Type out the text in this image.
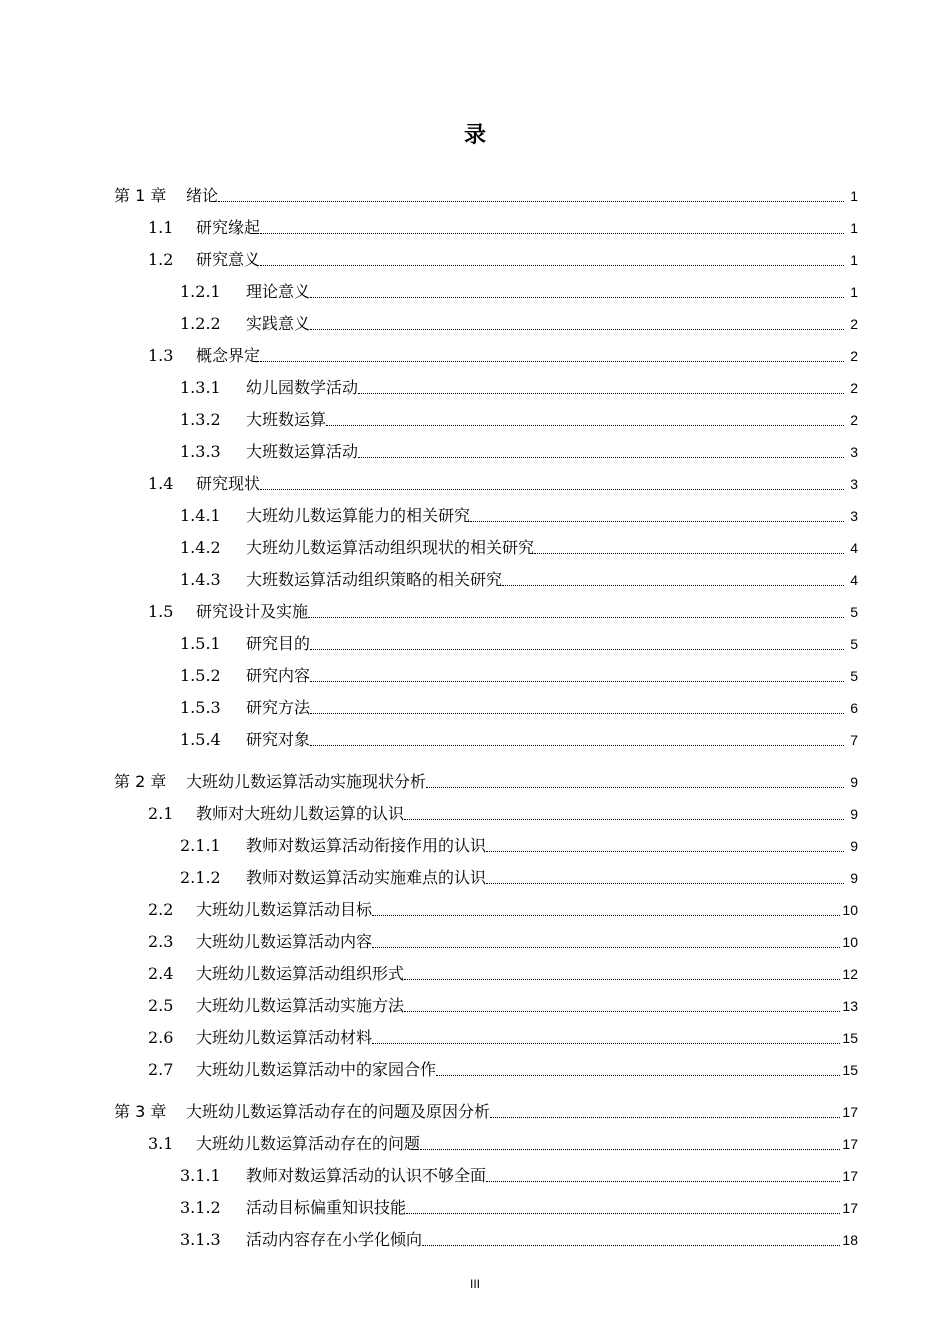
录
第 1 章	绪论	1
1.1	研究缘起	1
1.2	研究意义	1
1.2.1	理论意义	1
1.2.2	实践意义	2
1.3	概念界定	2
1.3.1	幼儿园数学活动	2
1.3.2	大班数运算	2
1.3.3	大班数运算活动	3
1.4	研究现状	3
1.4.1	大班幼儿数运算能力的相关研究	3
1.4.2	大班幼儿数运算活动组织现状的相关研究	4
1.4.3	大班数运算活动组织策略的相关研究	4
1.5	研究设计及实施	5
1.5.1	研究目的	5
1.5.2	研究内容	5
1.5.3	研究方法	6
1.5.4	研究对象	7
第 2 章	大班幼儿数运算活动实施现状分析	9
2.1	教师对大班幼儿数运算的认识	9
2.1.1	教师对数运算活动衔接作用的认识	9
2.1.2	教师对数运算活动实施难点的认识	9
2.2	大班幼儿数运算活动目标	10
2.3	大班幼儿数运算活动内容	10
2.4	大班幼儿数运算活动组织形式	12
2.5	大班幼儿数运算活动实施方法	13
2.6	大班幼儿数运算活动材料	15
2.7	大班幼儿数运算活动中的家园合作	15
第 3 章	大班幼儿数运算活动存在的问题及原因分析	17
3.1	大班幼儿数运算活动存在的问题	17
3.1.1	教师对数运算活动的认识不够全面	17
3.1.2	活动目标偏重知识技能	17
3.1.3	活动内容存在小学化倾向	18
III
